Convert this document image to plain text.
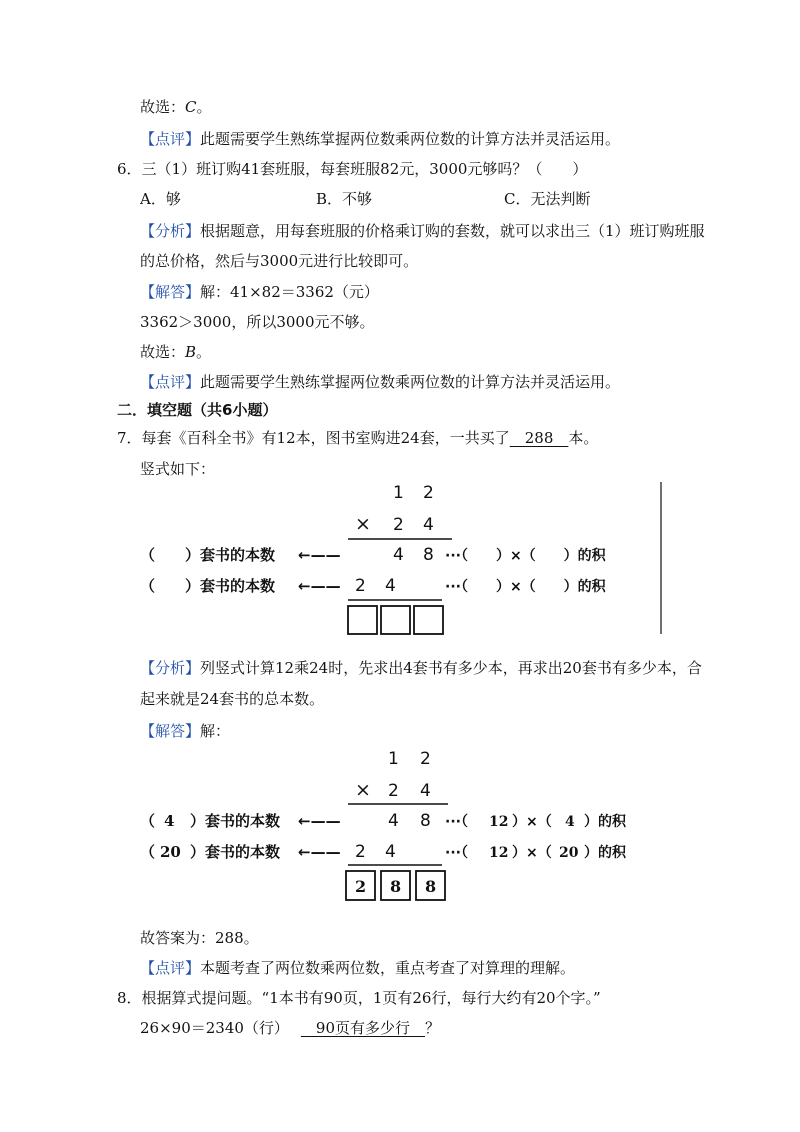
故选：C。
【点评】此题需要学生熟练掌握两位数乘两位数的计算方法并灵活运用。
6．三（1）班订购41套班服，每套班服82元，3000元够吗？（　　）
A．够	B．不够	C．无法判断
【分析】根据题意，用每套班服的价格乘订购的套数，就可以求出三（1）班订购班服
的总价格，然后与3000元进行比较即可。
【解答】解：41×82＝3362（元）
3362＞3000，所以3000元不够。
故选：B。
【点评】此题需要学生熟练掌握两位数乘两位数的计算方法并灵活运用。
二．填空题（共6小题）
7．每套《百科全书》有12本，图书室购进24套，一共买了　288　本。
竖式如下：
1 2
× 2 4
4 8
（　　）套书的本数 ←——	···（　　）×（　　）的积
2 4
（　　）套书的本数 ←——	···（　　）×（　　）的积
【分析】列竖式计算12乘24时，先求出4套书有多少本，再求出20套书有多少本，合
起来就是24套书的总本数。
【解答】解：
1 2
× 2 4
（ 4 ）套书的本数 ←——	4 8 ···（ 12 ）×（ 4 ）的积
（ 20 ）套书的本数 ←—— 2 4	···（ 12 ）×（ 20 ）的积
2 8 8
故答案为：288。
【点评】本题考查了两位数乘两位数，重点考查了对算理的理解。
8．根据算式提问题。“1本书有90页，1页有26行，每行大约有20个字。”
26×90＝2340（行）　90页有多少行　？
